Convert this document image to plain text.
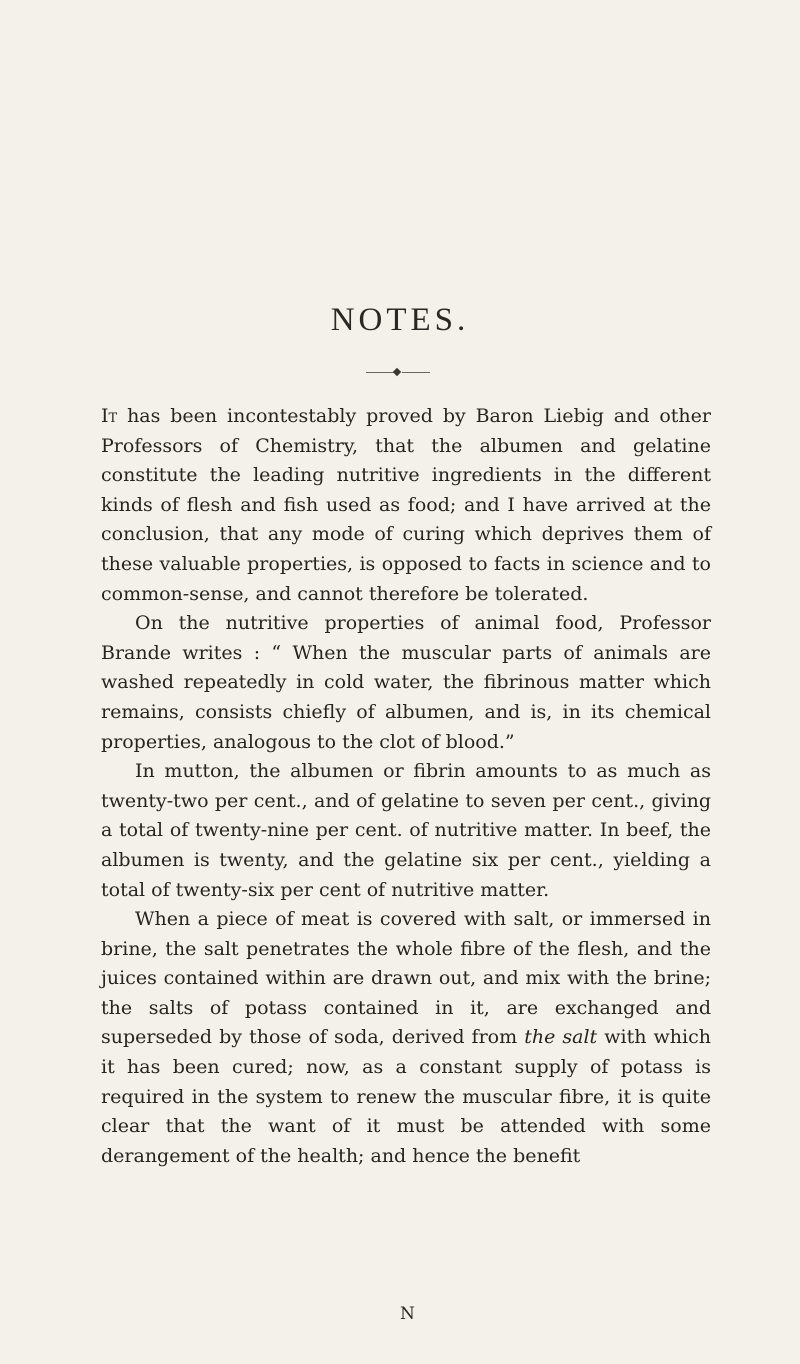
NOTES.

It has been incontestably proved by Baron Liebig and other Professors of Chemistry, that the albumen and gelatine constitute the leading nutritive ingredients in the different kinds of flesh and fish used as food; and I have arrived at the conclusion, that any mode of curing which deprives them of these valuable properties, is opposed to facts in science and to common-sense, and cannot therefore be tolerated.

On the nutritive properties of animal food, Professor Brande writes : “ When the muscular parts of animals are washed repeatedly in cold water, the fibrinous matter which remains, consists chiefly of albumen, and is, in its chemical properties, analogous to the clot of blood.”

In mutton, the albumen or fibrin amounts to as much as twenty-two per cent., and of gelatine to seven per cent., giving a total of twenty-nine per cent. of nutritive matter. In beef, the albumen is twenty, and the gelatine six per cent., yielding a total of twenty-six per cent of nutritive matter.

When a piece of meat is covered with salt, or immersed in brine, the salt penetrates the whole fibre of the flesh, and the juices contained within are drawn out, and mix with the brine; the salts of potass contained in it, are exchanged and superseded by those of soda, derived from the salt with which it has been cured; now, as a constant supply of potass is required in the system to renew the muscular fibre, it is quite clear that the want of it must be attended with some derangement of the health; and hence the benefit

N
